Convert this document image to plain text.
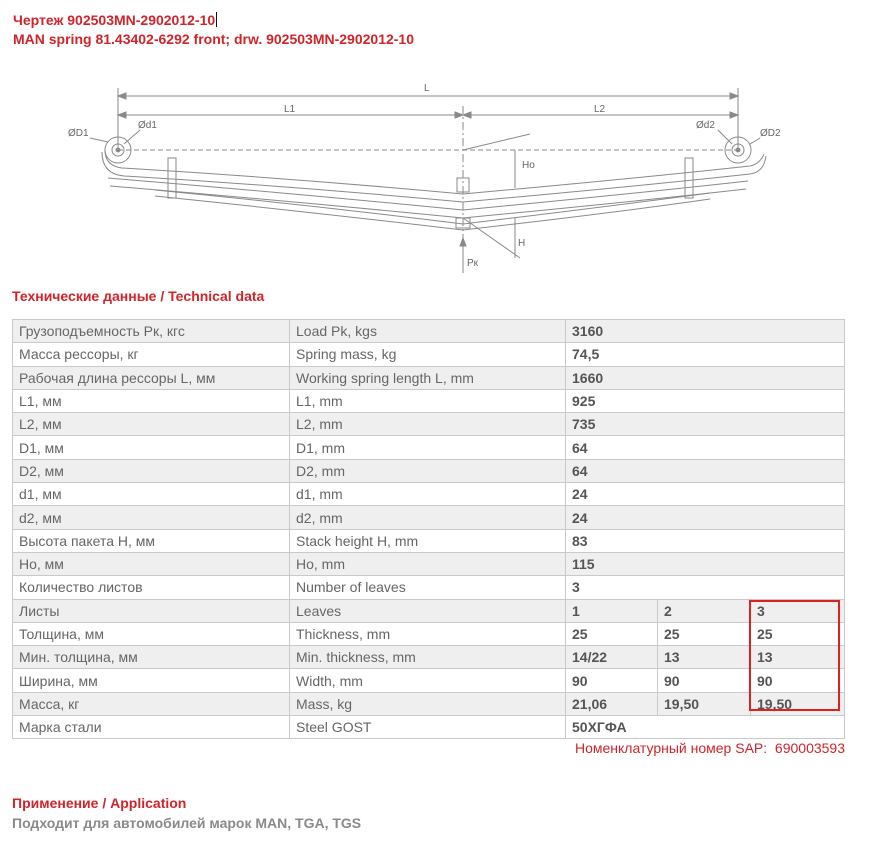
Чертеж 902503MN-2902012-10
MAN spring 81.43402-6292 front; drw. 902503MN-2902012-10
L
L1	L2
ØD1
Ød1	Ød2
ØD2
Ho
H
Pк
Технические данные / Technical data
Грузоподъемность Pк, кгс	Load Pk, kgs	3160		
Масса рессоры, кг	Spring mass, kg	74,5		
Рабочая длина рессоры L, мм	Working spring length L, mm	1660		
L1, мм	L1, mm	925		
L2, мм	L2, mm	735		
D1, мм	D1, mm	64		
D2, мм	D2, mm	64		
d1, мм	d1, mm	24		
d2, мм	d2, mm	24		
Высота пакета H, мм	Stack height H, mm	83		
Ho, мм	Ho, mm	115		
Количество листов	Number of leaves	3		
Листы	Leaves	1	2	3
Толщина, мм	Thickness, mm	25	25	25
Мин. толщина, мм	Min. thickness, mm	14/22	13	13
Ширина, мм	Width, mm	90	90	90
Масса, кг	Mass, kg	21,06	19,50	19,50
Марка стали	Steel GOST	50ХГФА		
Номенклатурный номер SAP: 690003593
Применение / Application
Подходит для автомобилей марок MAN, TGA, TGS
